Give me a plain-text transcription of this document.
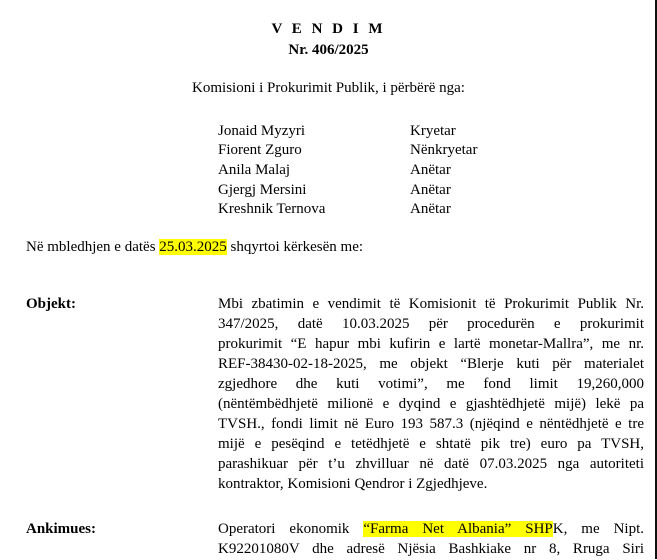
V E N D I M
Nr. 406/2025
Komisioni i Prokurimit Publik, i përbërë nga:
Jonaid Myzyri	Kryetar
Fiorent Zguro	Nënkryetar
Anila Malaj	Anëtar
Gjergj Mersini	Anëtar
Kreshnik Ternova	Anëtar
Në mbledhjen e datës 25.03.2025 shqyrtoi kërkesën me:
Objekt:	Mbi zbatimin e vendimit të Komisionit të Prokurimit Publik Nr.
347/2025, datë 10.03.2025 për procedurën e prokurimit
prokurimit “E hapur mbi kufirin e lartë monetar-Mallra”, me nr.
REF-38430-02-18-2025, me objekt “Blerje kuti për materialet
zgjedhore dhe kuti votimi”, me fond limit 19,260,000
(nëntëmbëdhjetë milionë e dyqind e gjashtëdhjetë mijë) lekë pa
TVSH., fondi limit në Euro 193 587.3 (njëqind e nëntëdhjetë e tre
mijë e pesëqind e tetëdhjetë e shtatë pik tre) euro pa TVSH,
parashikuar për t’u zhvilluar në datë 07.03.2025 nga autoriteti
kontraktor, Komisioni Qendror i Zgjedhjeve.
Ankimues:	Operatori ekonomik “Farma Net Albania” SHPK, me Nipt.
K92201080V dhe adresë Njësia Bashkiake nr 8, Rruga Siri
